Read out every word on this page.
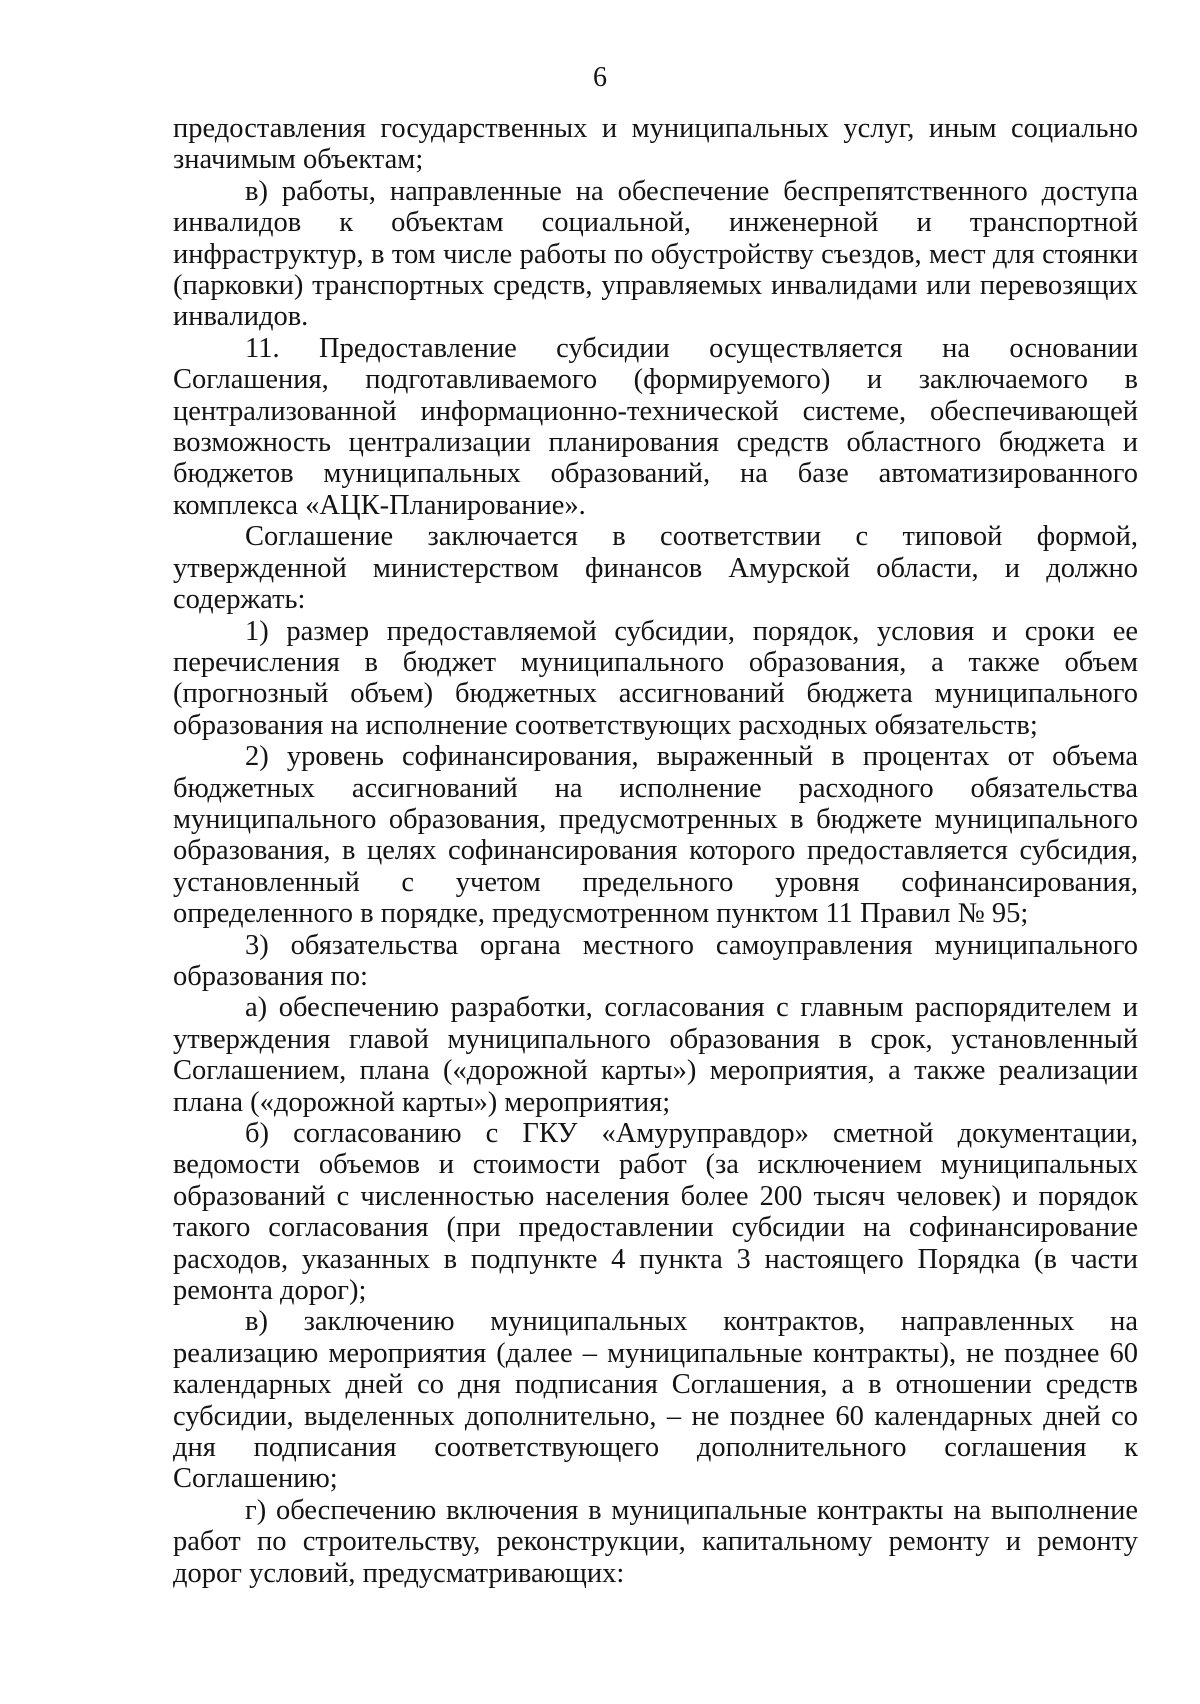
6

предоставления государственных и муниципальных услуг, иным социально значимым объектам;

в) работы, направленные на обеспечение беспрепятственного доступа инвалидов к объектам социальной, инженерной и транспортной инфраструктур, в том числе работы по обустройству съездов, мест для стоянки (парковки) транспортных средств, управляемых инвалидами или перевозящих инвалидов.

11. Предоставление субсидии осуществляется на основании Соглашения, подготавливаемого (формируемого) и заключаемого в централизованной информационно-технической системе, обеспечивающей возможность централизации планирования средств областного бюджета и бюджетов муниципальных образований, на базе автоматизированного комплекса «АЦК-Планирование».

Соглашение заключается в соответствии с типовой формой, утвержденной министерством финансов Амурской области, и должно содержать:

1) размер предоставляемой субсидии, порядок, условия и сроки ее перечисления в бюджет муниципального образования, а также объем (прогнозный объем) бюджетных ассигнований бюджета муниципального образования на исполнение соответствующих расходных обязательств;

2) уровень софинансирования, выраженный в процентах от объема бюджетных ассигнований на исполнение расходного обязательства муниципального образования, предусмотренных в бюджете муниципального образования, в целях софинансирования которого предоставляется субсидия, установленный с учетом предельного уровня софинансирования, определенного в порядке, предусмотренном пунктом 11 Правил № 95;

3) обязательства органа местного самоуправления муниципального образования по:

а) обеспечению разработки, согласования с главным распорядителем и утверждения главой муниципального образования в срок, установленный Соглашением, плана («дорожной карты») мероприятия, а также реализации плана («дорожной карты») мероприятия;

б) согласованию с ГКУ «Амуруправдор» сметной документации, ведомости объемов и стоимости работ (за исключением муниципальных образований с численностью населения более 200 тысяч человек) и порядок такого согласования (при предоставлении субсидии на софинансирование расходов, указанных в подпункте 4 пункта 3 настоящего Порядка (в части ремонта дорог);

в) заключению муниципальных контрактов, направленных на реализацию мероприятия (далее – муниципальные контракты), не позднее 60 календарных дней со дня подписания Соглашения, а в отношении средств субсидии, выделенных дополнительно, – не позднее 60 календарных дней со дня подписания соответствующего дополнительного соглашения к Соглашению;

г) обеспечению включения в муниципальные контракты на выполнение работ по строительству, реконструкции, капитальному ремонту и ремонту дорог условий, предусматривающих:
